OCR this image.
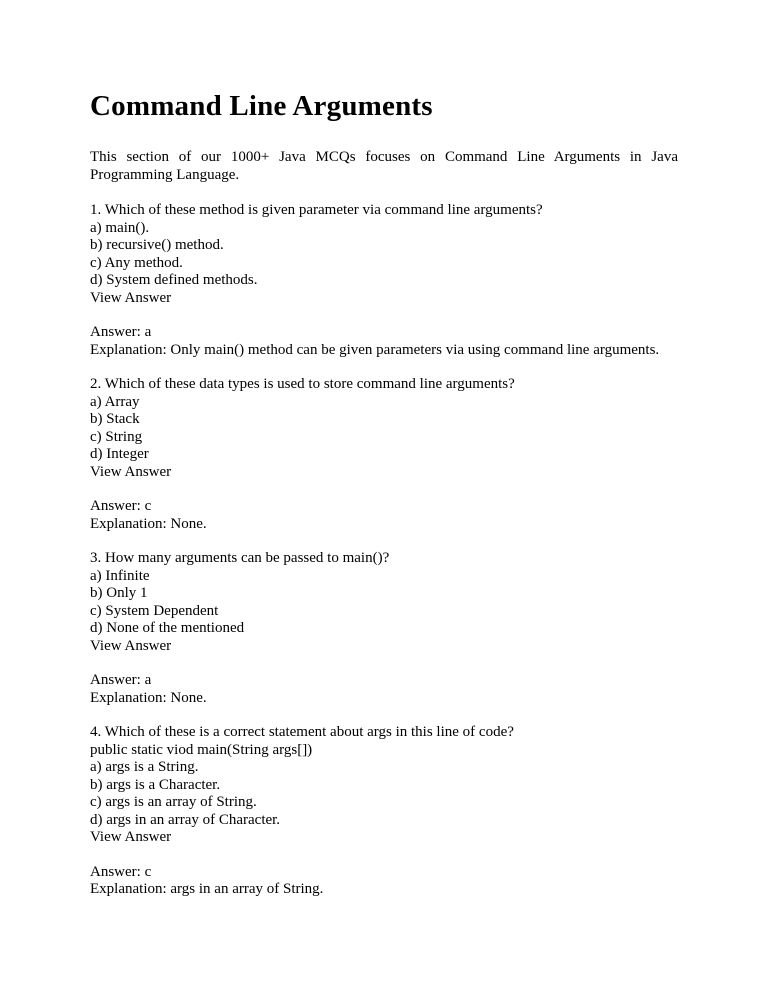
Command Line Arguments

This section of our 1000+ Java MCQs focuses on Command Line Arguments in Java Programming Language.

1. Which of these method is given parameter via command line arguments?
a) main().
b) recursive() method.
c) Any method.
d) System defined methods.
View Answer
Answer: a
Explanation: Only main() method can be given parameters via using command line arguments.
2. Which of these data types is used to store command line arguments?
a) Array
b) Stack
c) String
d) Integer
View Answer
Answer: c
Explanation: None.
3. How many arguments can be passed to main()?
a) Infinite
b) Only 1
c) System Dependent
d) None of the mentioned
View Answer
Answer: a
Explanation: None.
4. Which of these is a correct statement about args in this line of code?
public static viod main(String args[])
a) args is a String.
b) args is a Character.
c) args is an array of String.
d) args in an array of Character.
View Answer
Answer: c
Explanation: args in an array of String.
